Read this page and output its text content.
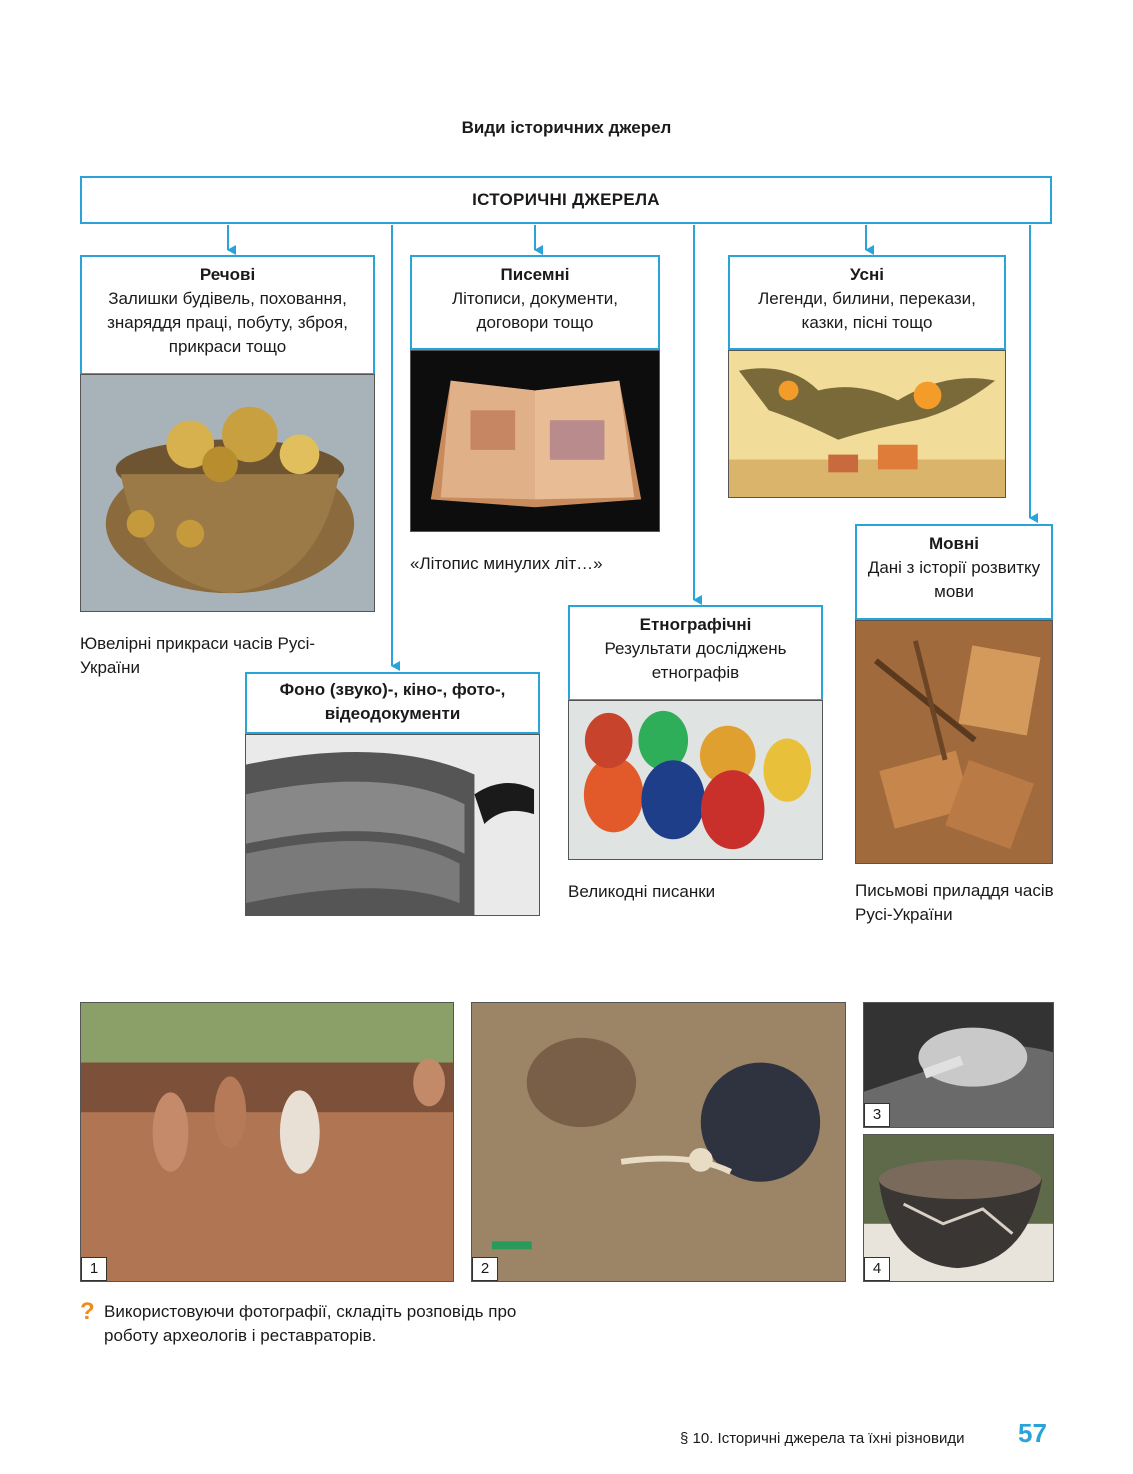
Види історичних джерел
ІСТОРИЧНІ ДЖЕРЕЛА
Речові
Залишки будівель, поховання, знаряддя праці, побуту, зброя, прикраси тощо
Ювелірні прикраси часів Русі-України
Писемні
Літописи, документи, договори тощо
«Літопис минулих літ…»
Усні
Легенди, билини, перекази, казки, пісні тощо
Мовні
Дані з історії розвитку мови
Письмові приладдя часів Русі-України
Етнографічні
Результати досліджень етнографів
Великодні писанки
Фоно (звуко)-, кіно-, фото-, відеодокументи
1	2
3
4
? Використовуючи фотографії, складіть розповідь про роботу археологів і реставраторів.
§ 10. Історичні джерела та їхні різновиди 57
